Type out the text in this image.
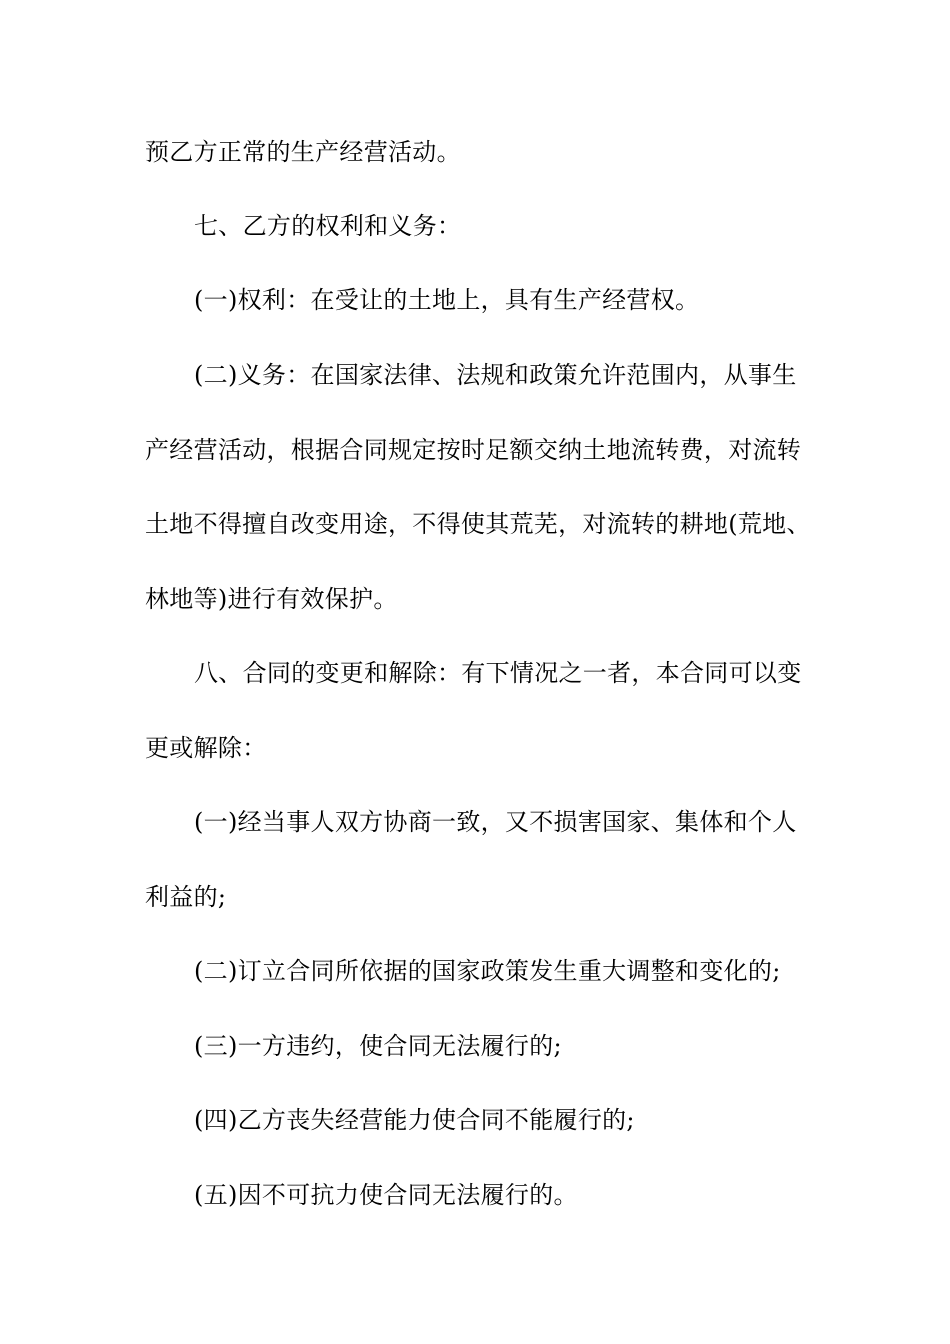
预乙方正常的生产经营活动。
七、乙方的权利和义务：
(一)权利：在受让的土地上，具有生产经营权。
(二)义务：在国家法律、法规和政策允许范围内，从事生
产经营活动，根据合同规定按时足额交纳土地流转费，对流转
土地不得擅自改变用途，不得使其荒芜，对流转的耕地(荒地、
林地等)进行有效保护。
八、合同的变更和解除：有下情况之一者，本合同可以变
更或解除：
(一)经当事人双方协商一致，又不损害国家、集体和个人
利益的;
(二)订立合同所依据的国家政策发生重大调整和变化的;
(三)一方违约，使合同无法履行的;
(四)乙方丧失经营能力使合同不能履行的;
(五)因不可抗力使合同无法履行的。
